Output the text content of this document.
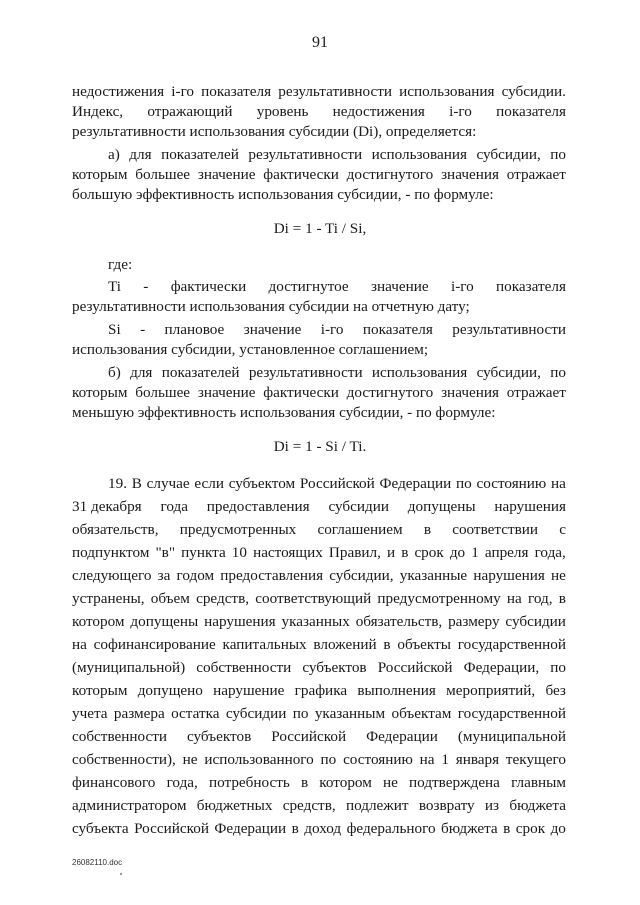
91
недостижения i-го показателя результативности использования субсидии.
Индекс, отражающий уровень недостижения i-го показателя
результативности использования субсидии (Di), определяется:
а) для показателей результативности использования субсидии, по
которым большее значение фактически достигнутого значения отражает
большую эффективность использования субсидии, - по формуле:
Di = 1 - Ti / Si,
где:
Ti - фактически достигнутое значение i-го показателя
результативности использования субсидии на отчетную дату;
Si - плановое значение i-го показателя результативности
использования субсидии, установленное соглашением;
б) для показателей результативности использования субсидии, по
которым большее значение фактически достигнутого значения отражает
меньшую эффективность использования субсидии, - по формуле:
Di = 1 - Si / Ti.
19. В случае если субъектом Российской Федерации по состоянию на
31 декабря года предоставления субсидии допущены нарушения
обязательств, предусмотренных соглашением в соответствии с
подпунктом "в" пункта 10 настоящих Правил, и в срок до 1 апреля года,
следующего за годом предоставления субсидии, указанные нарушения не
устранены, объем средств, соответствующий предусмотренному на год, в
котором допущены нарушения указанных обязательств, размеру субсидии
на софинансирование капитальных вложений в объекты государственной
(муниципальной) собственности субъектов Российской Федерации, по
которым допущено нарушение графика выполнения мероприятий, без
учета размера остатка субсидии по указанным объектам государственной
собственности субъектов Российской Федерации (муниципальной
собственности), не использованного по состоянию на 1 января текущего
финансового года, потребность в котором не подтверждена главным
администратором бюджетных средств, подлежит возврату из бюджета
субъекта Российской Федерации в доход федерального бюджета в срок до
26082110.doc
